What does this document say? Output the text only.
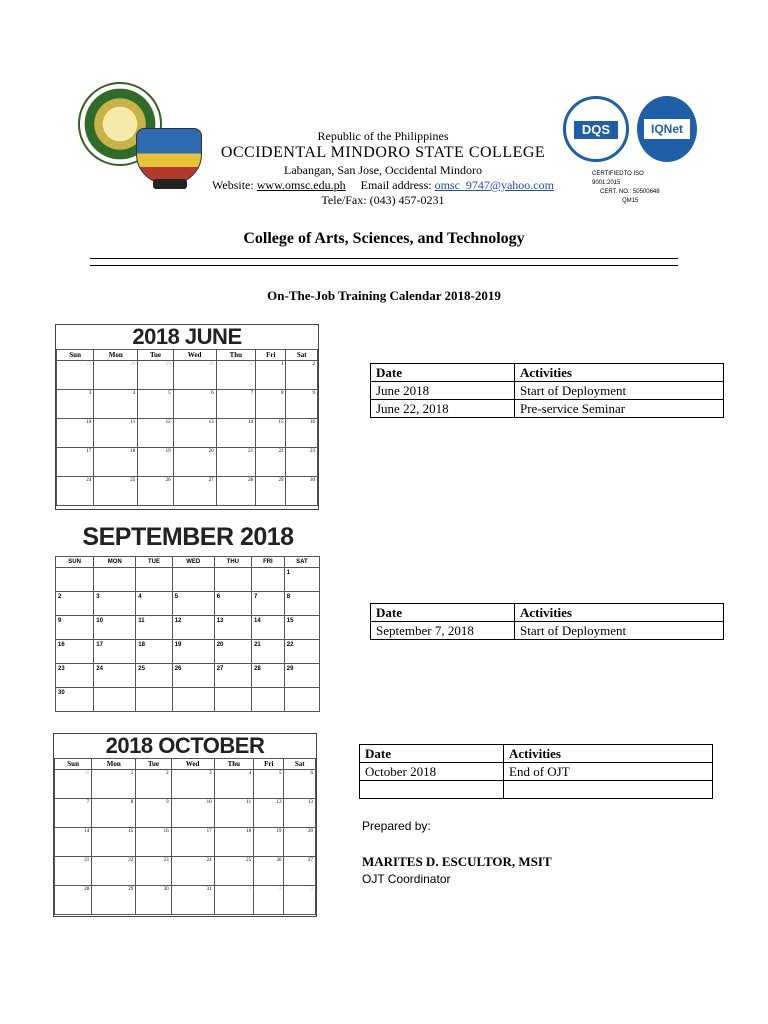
Republic of the Philippines
OCCIDENTAL MINDORO STATE COLLEGE
Labangan, San Jose, Occidental Mindoro
Website: www.omsc.edu.ph Email address: omsc_9747@yahoo.com
Tele/Fax: (043) 457-0231
DQS	IQNet
CERTIFIEDTO ISO
9001:2015
CERT. NO.: 50500648
QM15
College of Arts, Sciences, and Technology
On-The-Job Training Calendar 2018-2019
2018 JUNE
Sun	Mon	Tue	Wed	Thu	Fri	Sat
27	28	29	30	31	1	2
3	4	5	6	7	8	9
10	11	12	13	14	15	16
17	18	19	20	21	22	23
24	25	26	27	28	29	30
SEPTEMBER 2018
SUN	MON	TUE	WED	THU	FRI	SAT
						1
2	3	4	5	6	7	8
9	10	11	12	13	14	15
16	17	18	19	20	21	22
23	24	25	26	27	28	29
30						
2018 OCTOBER
Sun	Mon	Tue	Wed	Thu	Fri	Sat
30	1	2	3	4	5	6
7	8	9	10	11	12	13
14	15	16	17	18	19	20
21	22	23	24	25	26	27
28	29	30	31	1	2	3
Date	Activities
June 2018	Start of Deployment
June 22, 2018	Pre-service Seminar
Date	Activities
September 7, 2018	Start of Deployment
Date	Activities
October 2018	End of OJT

Prepared by:
MARITES D. ESCULTOR, MSIT
OJT Coordinator
